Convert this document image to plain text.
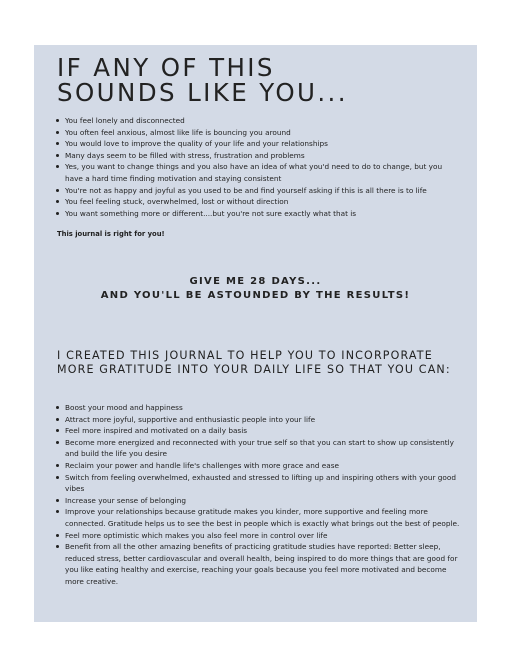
IF ANY OF THIS
SOUNDS LIKE YOU...
You feel lonely and disconnected
You often feel anxious, almost like life is bouncing you around
You would love to improve the quality of your life and your relationships
Many days seem to be filled with stress, frustration and problems
Yes, you want to change things and you also have an idea of what you'd need to do to change, but you have a hard time finding motivation and staying consistent
You're not as happy and joyful as you used to be and find yourself asking if this is all there is to life
You feel feeling stuck, overwhelmed, lost or without direction
You want something more or different....but you're not sure exactly what that is
This journal is right for you!
GIVE ME 28 DAYS...
AND YOU'LL BE ASTOUNDED BY THE RESULTS!
I CREATED THIS JOURNAL TO HELP YOU TO INCORPORATE MORE GRATITUDE INTO YOUR DAILY LIFE SO THAT YOU CAN:
Boost your mood and happiness
Attract more joyful, supportive and enthusiastic people into your life
Feel more inspired and motivated on a daily basis
Become more energized and reconnected with your true self so that you can start to show up consistently and build the life you desire
Reclaim your power and handle life's challenges with more grace and ease
Switch from feeling overwhelmed, exhausted and stressed to lifting up and inspiring others with your good vibes
Increase your sense of belonging
Improve your relationships because gratitude makes you kinder, more supportive and feeling more connected. Gratitude helps us to see the best in people which is exactly what brings out the best of people.
Feel more optimistic which makes you also feel more in control over life
Benefit from all the other amazing benefits of practicing gratitude studies have reported: Better sleep, reduced stress, better cardiovascular and overall health, being inspired to do more things that are good for you like eating healthy and exercise, reaching your goals because you feel more motivated and become more creative.
